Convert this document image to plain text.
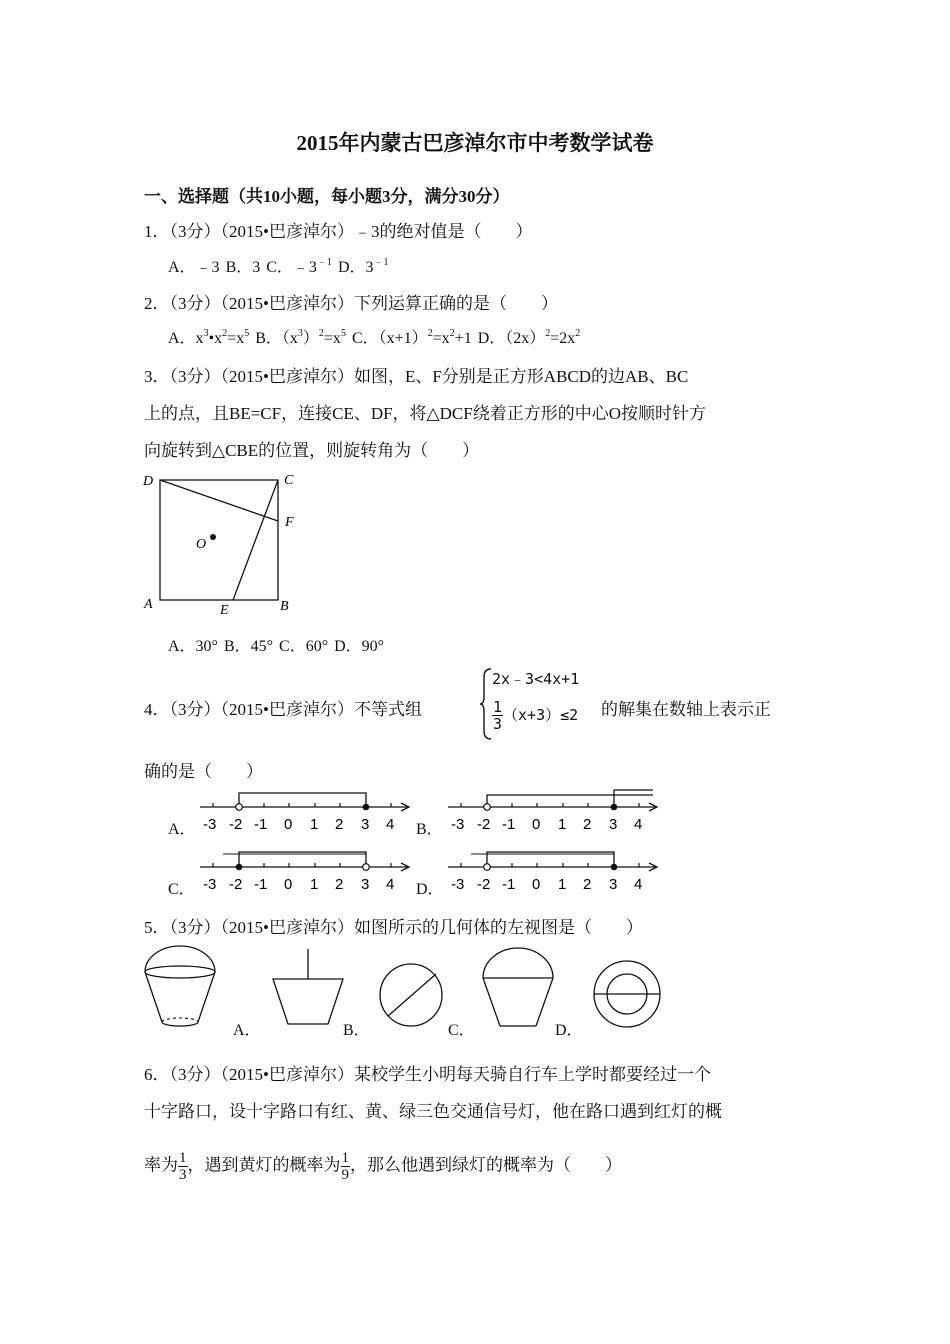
2015年内蒙古巴彦淖尔市中考数学试卷
一、选择题（共10小题，每小题3分，满分30分）
1．（3分）（2015•巴彦淖尔）﹣3的绝对值是（　　）
A．﹣3 B．3 C．$﹣3^{﹣1}$ D．$3^{﹣1}$
2．（3分）（2015•巴彦淖尔）下列运算正确的是（　　）
A．$x^3•x^2=x^5$ B．$(x^3)^2=x^5$ C．$(x+1)^2=x^2+1$ D．$(2x)^2=2x^2$
3．（3分）（2015•巴彦淖尔）如图，E、F分别是正方形ABCD的边AB、BC
上的点，且BE=CF，连接CE、DF，将△DCF绕着正方形的中心O按顺时针方
向旋转到△CBE的位置，则旋转角为（　　）
D	C
F
O
A	E	B
A．30° B．45° C．60° D．90°
4．（3分）（2015•巴彦淖尔）不等式组
2x﹣3<4x+1
$\frac{1}{3} (x+3)\le 2$ 的解集在数轴上表示正
确的是（　　）
A．	B．
C．	D．
-3 -2 -1 0 1 2 3 4	-3 -2 -1 0 1 2 3 4
-3 -2 -1 0 1 2 3 4	-3 -2 -1 0 1 2 3 4
5．（3分）（2015•巴彦淖尔）如图所示的几何体的左视图是（　　）
A．	B．	C．	D．
6．（3分）（2015•巴彦淖尔）某校学生小明每天骑自行车上学时都要经过一个
十字路口，设十字路口有红、黄、绿三色交通信号灯，他在路口遇到红灯的概
率为 $\frac{1}{3}$ ，遇到黄灯的概率为 $\frac{1}{9}$ ，那么他遇到绿灯的概率为（　　）
